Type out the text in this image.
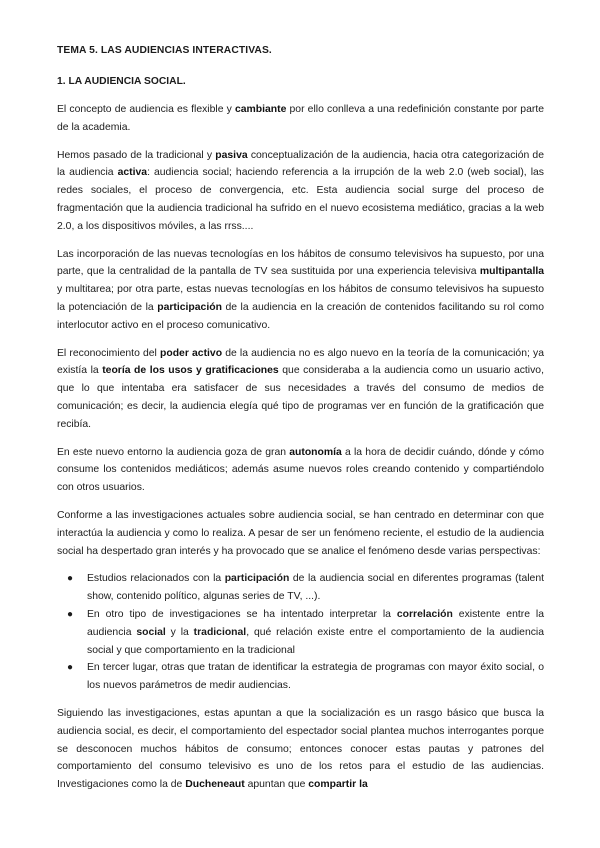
TEMA 5. LAS AUDIENCIAS INTERACTIVAS.
1. LA AUDIENCIA SOCIAL.

El concepto de audiencia es flexible y cambiante por ello conlleva a una redefinición constante por parte de la academia.

Hemos pasado de la tradicional y pasiva conceptualización de la audiencia, hacia otra categorización de la audiencia activa: audiencia social; haciendo referencia a la irrupción de la web 2.0 (web social), las redes sociales, el proceso de convergencia, etc. Esta audiencia social surge del proceso de fragmentación que la audiencia tradicional ha sufrido en el nuevo ecosistema mediático, gracias a la web 2.0, a los dispositivos móviles, a las rrss....

Las incorporación de las nuevas tecnologías en los hábitos de consumo televisivos ha supuesto, por una parte, que la centralidad de la pantalla de TV sea sustituida por una experiencia televisiva multipantalla y multitarea; por otra parte, estas nuevas tecnologías en los hábitos de consumo televisivos ha supuesto la potenciación de la participación de la audiencia en la creación de contenidos facilitando su rol como interlocutor activo en el proceso comunicativo.

El reconocimiento del poder activo de la audiencia no es algo nuevo en la teoría de la comunicación; ya existía la teoría de los usos y gratificaciones que consideraba a la audiencia como un usuario activo, que lo que intentaba era satisfacer de sus necesidades a través del consumo de medios de comunicación; es decir, la audiencia elegía qué tipo de programas ver en función de la gratificación que recibía.

En este nuevo entorno la audiencia goza de gran autonomía a la hora de decidir cuándo, dónde y cómo consume los contenidos mediáticos; además asume nuevos roles creando contenido y compartiéndolo con otros usuarios.

Conforme a las investigaciones actuales sobre audiencia social, se han centrado en determinar con que interactúa la audiencia y como lo realiza. A pesar de ser un fenómeno reciente, el estudio de la audiencia social ha despertado gran interés y ha provocado que se analice el fenómeno desde varias perspectivas:

● Estudios relacionados con la participación de la audiencia social en diferentes programas (talent show, contenido político, algunas series de TV, ...).
● En otro tipo de investigaciones se ha intentado interpretar la correlación existente entre la audiencia social y la tradicional, qué relación existe entre el comportamiento de la audiencia social y que comportamiento en la tradicional
● En tercer lugar, otras que tratan de identificar la estrategia de programas con mayor éxito social, o los nuevos parámetros de medir audiencias.

Siguiendo las investigaciones, estas apuntan a que la socialización es un rasgo básico que busca la audiencia social, es decir, el comportamiento del espectador social plantea muchos interrogantes porque se desconocen muchos hábitos de consumo; entonces conocer estas pautas y patrones del comportamiento del consumo televisivo es uno de los retos para el estudio de las audiencias. Investigaciones como la de Ducheneaut apuntan que compartir la
